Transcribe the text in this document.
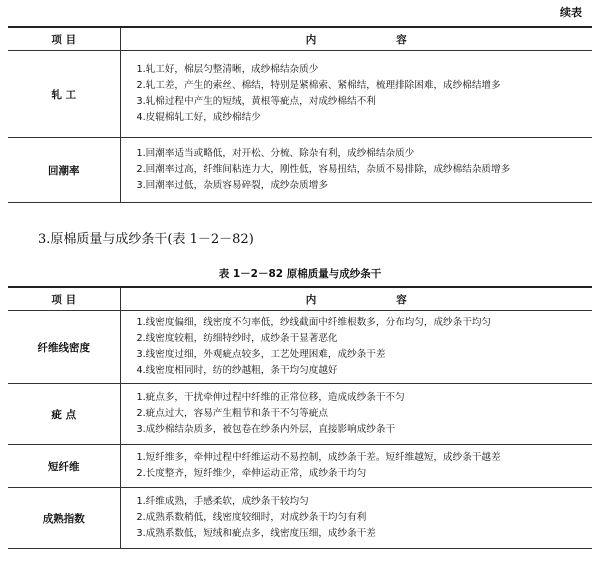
续表
项 目	内 容
轧 工	1.轧工好，棉层匀整清晰，成纱棉结杂质少
2.轧工差，产生的索丝、棉结，特别是紧棉索、紧棉结，梳理排除困难，成纱棉结增多
3.轧棉过程中产生的短绒，黄根等疵点，对成纱棉结不利
4.皮辊棉轧工好，成纱棉结少

回潮率	1.回潮率适当或略低，对开松、分梳、除杂有利，成纱棉结杂质少
2.回潮率过高，纤维间粘连力大，刚性低，容易扭结，杂质不易排除，成纱棉结杂质增多
3.回潮率过低，杂质容易碎裂，成纱杂质增多
3.原棉质量与成纱条干(表 1－2－82)
表 1－2－82 原棉质量与成纱条干
项 目	内 容
纤维线密度	1.线密度偏细，线密度不匀率低，纱线截面中纤维根数多，分布均匀，成纱条干均匀
2.线密度较粗，纺细特纱时，成纱条干显著恶化
3.线密度过细，外观疵点较多，工艺处理困难，成纱条干差
4.线密度相同时，纺的纱越粗，条干均匀度越好

疵 点	1.疵点多，干扰牵伸过程中纤维的正常位移，造成成纱条干不匀
2.疵点过大，容易产生粗节和条干不匀等疵点
3.成纱棉结杂质多，被包卷在纱条内外层，直接影响成纱条干

短纤维	1.短纤维多，牵伸过程中纤维运动不易控制，成纱条干差。短纤维越短，成纱条干越差
2.长度整齐，短纤维少，牵伸运动正常，成纱条干均匀

成熟指数	1.纤维成熟，手感柔软，成纱条干较均匀
2.成熟系数稍低，线密度较细时，对成纱条干均匀有利
3.成熟系数低，短绒和疵点多，线密度压细，成纱条干差
